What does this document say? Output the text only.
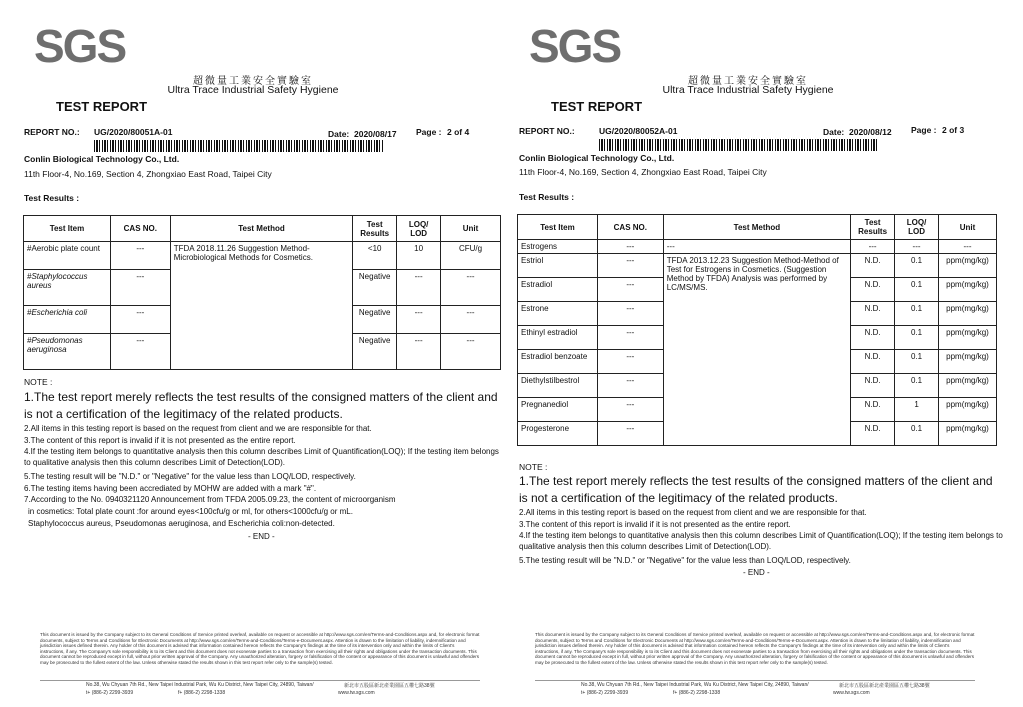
SGS
超微量工業安全實驗室
Ultra Trace Industrial Safety Hygiene
TEST REPORT
REPORT NO.: UG/2020/80051A-01	Date: 2020/08/17 Page : 2 of 4
Conlin Biological Technology Co., Ltd.
11th Floor-4, No.169, Section 4, Zhongxiao East Road, Taipei City
Test Results :
Test Item	CAS NO.	Test Method	Test Results	LOQ/ LOD	Unit
#Aerobic plate count	---	TFDA 2018.11.26 Suggestion Method-Microbiological Methods for Cosmetics.	<10	10	CFU/g
#Staphylococcus aureus	---		Negative	---	---
#Escherichia coli	---		Negative	---	---
#Pseudomonas aeruginosa	---		Negative	---	---
NOTE :
1.The test report merely reflects the test results of the consigned matters of the client and is not a certification of the legitimacy of the related products.
2.All items in this testing report is based on the request from client and we are responsible for that.
3.The content of this report is invalid if it is not presented as the entire report.
4.If the testing item belongs to quantitative analysis then this column describes Limit of Quantification(LOQ); If the testing item belongs to qualitative analysis then this column describes Limit of Detection(LOD).
5.The testing result will be "N.D." or "Negative" for the value less than LOQ/LOD, respectively.
6.The testing items having been accrediated by MOHW are added with a mark "#".
7.According to the No. 0940321120 Announcement from TFDA 2005.09.23, the content of microorganism
in cosmetics: Total plate count :for around eyes<100cfu/g or ml, for others<1000cfu/g or mL.
Staphylococcus aureus, Pseudomonas aeruginosa, and Escherichia coli:non-detected.
- END -
This document is issued by the Company subject to its General Conditions of Service printed overleaf, available on request or accessible at http://www.sgs.com/en/Terms-and-Conditions.aspx and, for electronic format documents, subject to Terms and Conditions for Electronic Documents at http://www.sgs.com/en/Terms-and-Conditions/Terms-e-Document.aspx. Attention is drawn to the limitation of liability, indemnification and jurisdiction issues defined therein. Any holder of this document is advised that information contained hereon reflects the Company's findings at the time of its intervention only and within the limits of Client's instructions, if any. The Company's sole responsibility is to its Client and this document does not exonerate parties to a transaction from exercising all their rights and obligations under the transaction documents. This document cannot be reproduced except in full, without prior written approval of the Company. Any unauthorized alteration, forgery or falsification of the content or appearance of this document is unlawful and offenders may be prosecuted to the fullest extent of the law. Unless otherwise stated the results shown in this test report refer only to the sample(s) tested.
No.38, Wu Chyuan 7th Rd., New Taipei Industrial Park, Wu Ku District, New Taipei City, 24890, Taiwan/	新北市五股區新北產業園區五權七路38號
t+ (886-2) 2299-3939	f+ (886-2) 2298-1338	www.tw.sgs.com
SGS
超微量工業安全實驗室
Ultra Trace Industrial Safety Hygiene
TEST REPORT
REPORT NO.:	UG/2020/80052A-01	Date: 2020/08/12 Page : 2 of 3
Conlin Biological Technology Co., Ltd.
11th Floor-4, No.169, Section 4, Zhongxiao East Road, Taipei City
Test Results :
Test Item	CAS NO.	Test Method	Test Results	LOQ/ LOD	Unit
Estrogens	---	---	---	---	---
Estriol	---	TFDA 2013.12.23 Suggestion Method-Method of Test for Estrogens in Cosmetics. (Suggestion Method by TFDA) Analysis was performed by LC/MS/MS.	N.D.	0.1	ppm(mg/kg)
Estradiol	---		N.D.	0.1	ppm(mg/kg)
Estrone	---		N.D.	0.1	ppm(mg/kg)
Ethinyl estradiol	---		N.D.	0.1	ppm(mg/kg)
Estradiol benzoate	---		N.D.	0.1	ppm(mg/kg)
Diethylstilbestrol	---		N.D.	0.1	ppm(mg/kg)
Pregnanediol	---		N.D.	1	ppm(mg/kg)
Progesterone	---		N.D.	0.1	ppm(mg/kg)
NOTE :
1.The test report merely reflects the test results of the consigned matters of the client and is not a certification of the legitimacy of the related products.
2.All items in this testing report is based on the request from client and we are responsible for that.
3.The content of this report is invalid if it is not presented as the entire report.
4.If the testing item belongs to quantitative analysis then this column describes Limit of Quantification(LOQ); If the testing item belongs to qualitative analysis then this column describes Limit of Detection(LOD).
5.The testing result will be "N.D." or "Negative" for the value less than LOQ/LOD, respectively.
- END -
This document is issued by the Company subject to its General Conditions of Service printed overleaf, available on request or accessible at http://www.sgs.com/en/Terms-and-Conditions.aspx and, for electronic format documents, subject to Terms and Conditions for Electronic Documents at http://www.sgs.com/en/Terms-and-Conditions/Terms-e-Document.aspx. Attention is drawn to the limitation of liability, indemnification and jurisdiction issues defined therein. Any holder of this document is advised that information contained hereon reflects the Company's findings at the time of its intervention only and within the limits of Client's instructions, if any. The Company's sole responsibility is to its Client and this document does not exonerate parties to a transaction from exercising all their rights and obligations under the transaction documents. This document cannot be reproduced except in full, without prior written approval of the Company. Any unauthorized alteration, forgery or falsification of the content or appearance of this document is unlawful and offenders may be prosecuted to the fullest extent of the law. Unless otherwise stated the results shown in this test report refer only to the sample(s) tested.
No.38, Wu Chyuan 7th Rd., New Taipei Industrial Park, Wu Ku District, New Taipei City, 24890, Taiwan/	新北市五股區新北產業園區五權七路38號
t+ (886-2) 2299-3939	f+ (886-2) 2298-1338	www.tw.sgs.com
